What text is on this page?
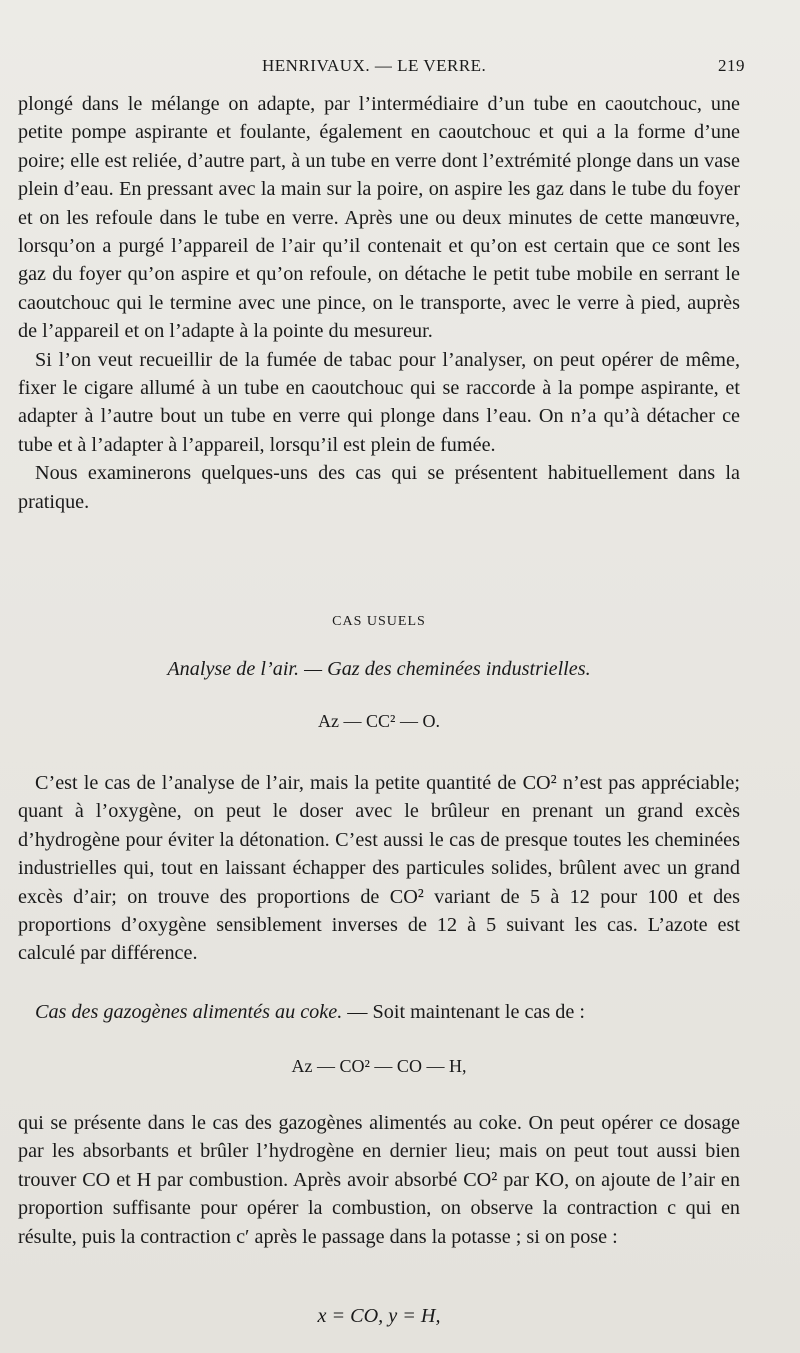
HENRIVAUX. — LE VERRE.	219

plongé dans le mélange on adapte, par l’intermédiaire d’un tube en caoutchouc, une petite pompe aspirante et foulante, également en caoutchouc et qui a la forme d’une poire; elle est reliée, d’autre part, à un tube en verre dont l’extrémité plonge dans un vase plein d’eau. En pressant avec la main sur la poire, on aspire les gaz dans le tube du foyer et on les refoule dans le tube en verre. Après une ou deux minutes de cette manœuvre, lorsqu’on a purgé l’appareil de l’air qu’il contenait et qu’on est certain que ce sont les gaz du foyer qu’on aspire et qu’on refoule, on détache le petit tube mobile en serrant le caoutchouc qui le termine avec une pince, on le transporte, avec le verre à pied, auprès de l’appareil et on l’adapte à la pointe du mesureur.

Si l’on veut recueillir de la fumée de tabac pour l’analyser, on peut opérer de même, fixer le cigare allumé à un tube en caoutchouc qui se raccorde à la pompe aspirante, et adapter à l’autre bout un tube en verre qui plonge dans l’eau. On n’a qu’à détacher ce tube et à l’adapter à l’appareil, lorsqu’il est plein de fumée.

Nous examinerons quelques-uns des cas qui se présentent habituellement dans la pratique.

CAS USUELS
Analyse de l’air. — Gaz des cheminées industrielles.
Az — CC² — O.

C’est le cas de l’analyse de l’air, mais la petite quantité de CO² n’est pas appréciable; quant à l’oxygène, on peut le doser avec le brûleur en prenant un grand excès d’hydrogène pour éviter la détonation. C’est aussi le cas de presque toutes les cheminées industrielles qui, tout en laissant échapper des particules solides, brûlent avec un grand excès d’air; on trouve des proportions de CO² variant de 5 à 12 pour 100 et des proportions d’oxygène sensiblement inverses de 12 à 5 suivant les cas. L’azote est calculé par différence.

Cas des gazogènes alimentés au coke. — Soit maintenant le cas de :

Az — CO² — CO — H,

qui se présente dans le cas des gazogènes alimentés au coke. On peut opérer ce dosage par les absorbants et brûler l’hydrogène en dernier lieu; mais on peut tout aussi bien trouver CO et H par combustion. Après avoir absorbé CO² par KO, on ajoute de l’air en proportion suffisante pour opérer la combustion, on observe la contraction c qui en résulte, puis la contraction c′ après le passage dans la potasse ; si on pose :

x = CO, y = H,
